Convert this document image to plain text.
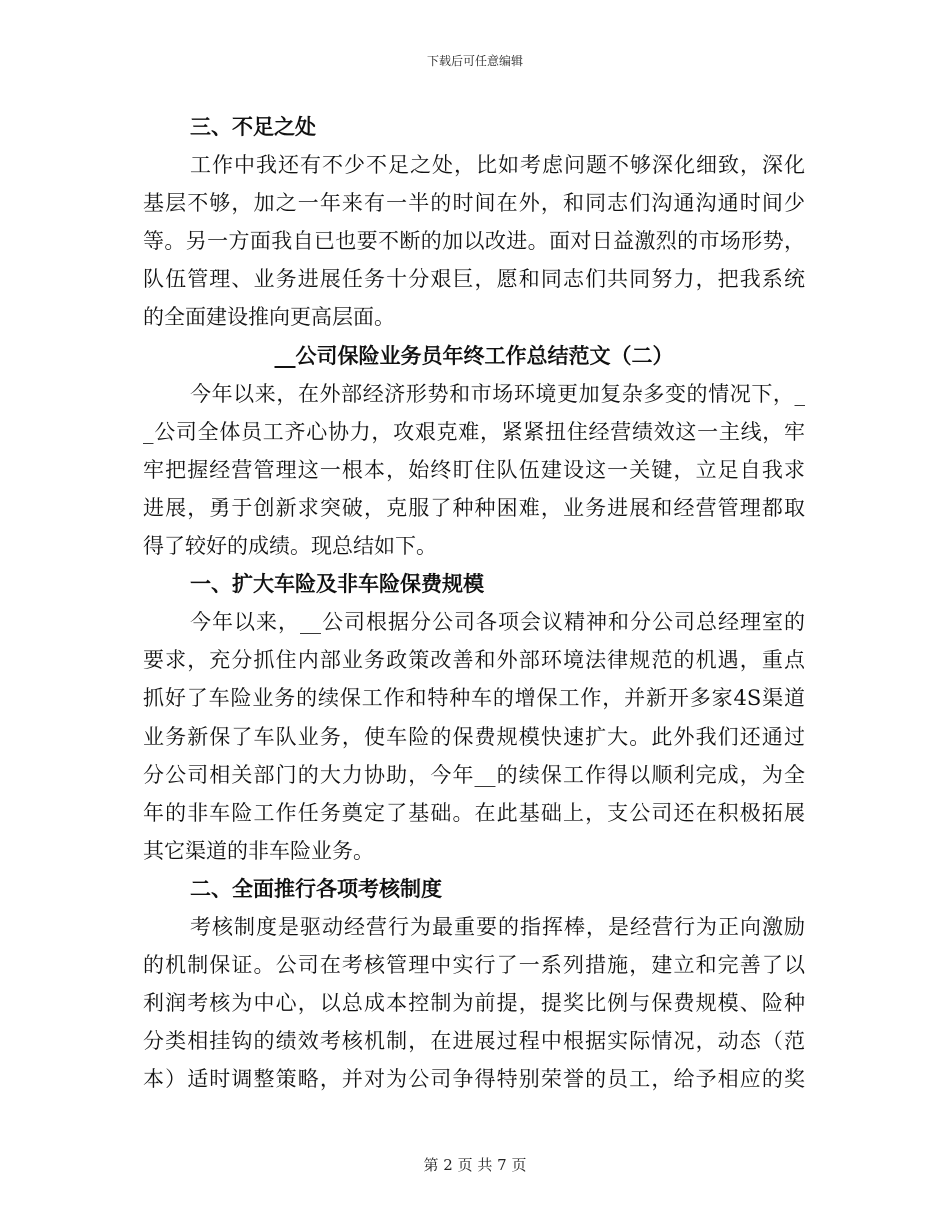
下载后可任意编辑
三、不足之处
工作中我还有不少不足之处，比如考虑问题不够深化细致，深化
基层不够，加之一年来有一半的时间在外，和同志们沟通沟通时间少
等。另一方面我自已也要不断的加以改进。面对日益激烈的市场形势，
队伍管理、业务进展任务十分艰巨，愿和同志们共同努力，把我系统
的全面建设推向更高层面。
__公司保险业务员年终工作总结范文（二）
今年以来，在外部经济形势和市场环境更加复杂多变的情况下，_
_公司全体员工齐心协力，攻艰克难，紧紧扭住经营绩效这一主线，牢
牢把握经营管理这一根本，始终盯住队伍建设这一关键，立足自我求
进展，勇于创新求突破，克服了种种困难，业务进展和经营管理都取
得了较好的成绩。现总结如下。
一、扩大车险及非车险保费规模
今年以来，__公司根据分公司各项会议精神和分公司总经理室的
要求，充分抓住内部业务政策改善和外部环境法律规范的机遇，重点
抓好了车险业务的续保工作和特种车的增保工作，并新开多家4S渠道
业务新保了车队业务，使车险的保费规模快速扩大。此外我们还通过
分公司相关部门的大力协助，今年__的续保工作得以顺利完成，为全
年的非车险工作任务奠定了基础。在此基础上，支公司还在积极拓展
其它渠道的非车险业务。
二、全面推行各项考核制度
考核制度是驱动经营行为最重要的指挥棒，是经营行为正向激励
的机制保证。公司在考核管理中实行了一系列措施，建立和完善了以
利润考核为中心，以总成本控制为前提，提奖比例与保费规模、险种
分类相挂钩的绩效考核机制，在进展过程中根据实际情况，动态（范
本）适时调整策略，并对为公司争得特别荣誉的员工，给予相应的奖
第 2 页 共 7 页
